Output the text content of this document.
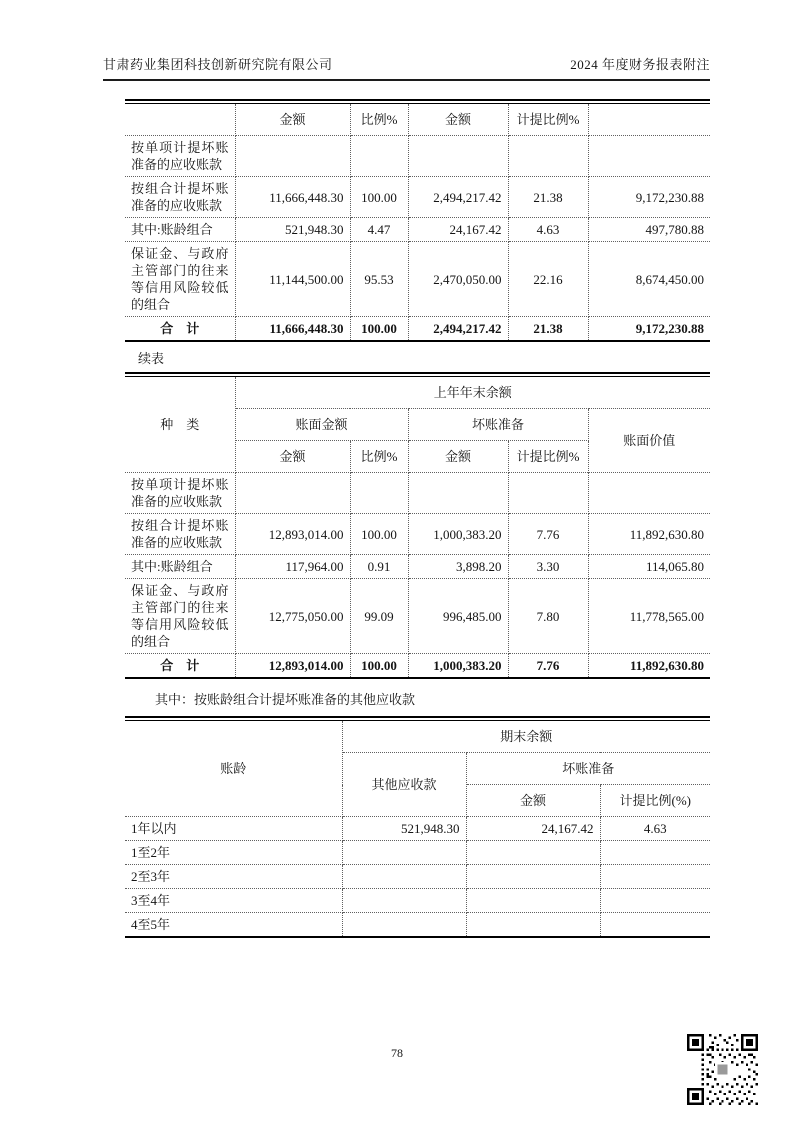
甘肃药业集团科技创新研究院有限公司	2024 年度财务报表附注
	金额	比例%	金额	计提比例%	
按单项计提坏账准备的应收账款					
按组合计提坏账准备的应收账款	11,666,448.30	100.00	2,494,217.42	21.38	9,172,230.88
其中:账龄组合	521,948.30	4.47	24,167.42	4.63	497,780.88
保证金、与政府主管部门的往来等信用风险较低的组合	11,144,500.00	95.53	2,470,050.00	22.16	8,674,450.00
合　计	11,666,448.30	100.00	2,494,217.42	21.38	9,172,230.88
续表
种　类	上年年末余额				
	账面金额		坏账准备		账面价值
	金额	比例%	金额	计提比例%	
按单项计提坏账准备的应收账款					
按组合计提坏账准备的应收账款	12,893,014.00	100.00	1,000,383.20	7.76	11,892,630.80
其中:账龄组合	117,964.00	0.91	3,898.20	3.30	114,065.80
保证金、与政府主管部门的往来等信用风险较低的组合	12,775,050.00	99.09	996,485.00	7.80	11,778,565.00
合　计	12,893,014.00	100.00	1,000,383.20	7.76	11,892,630.80
其中：按账龄组合计提坏账准备的其他应收款
账龄	期末余额		
	其他应收款	坏账准备	
		金额	计提比例(%)
1年以内	521,948.30	24,167.42	4.63
1至2年			
2至3年			
3至4年			
4至5年			
78
